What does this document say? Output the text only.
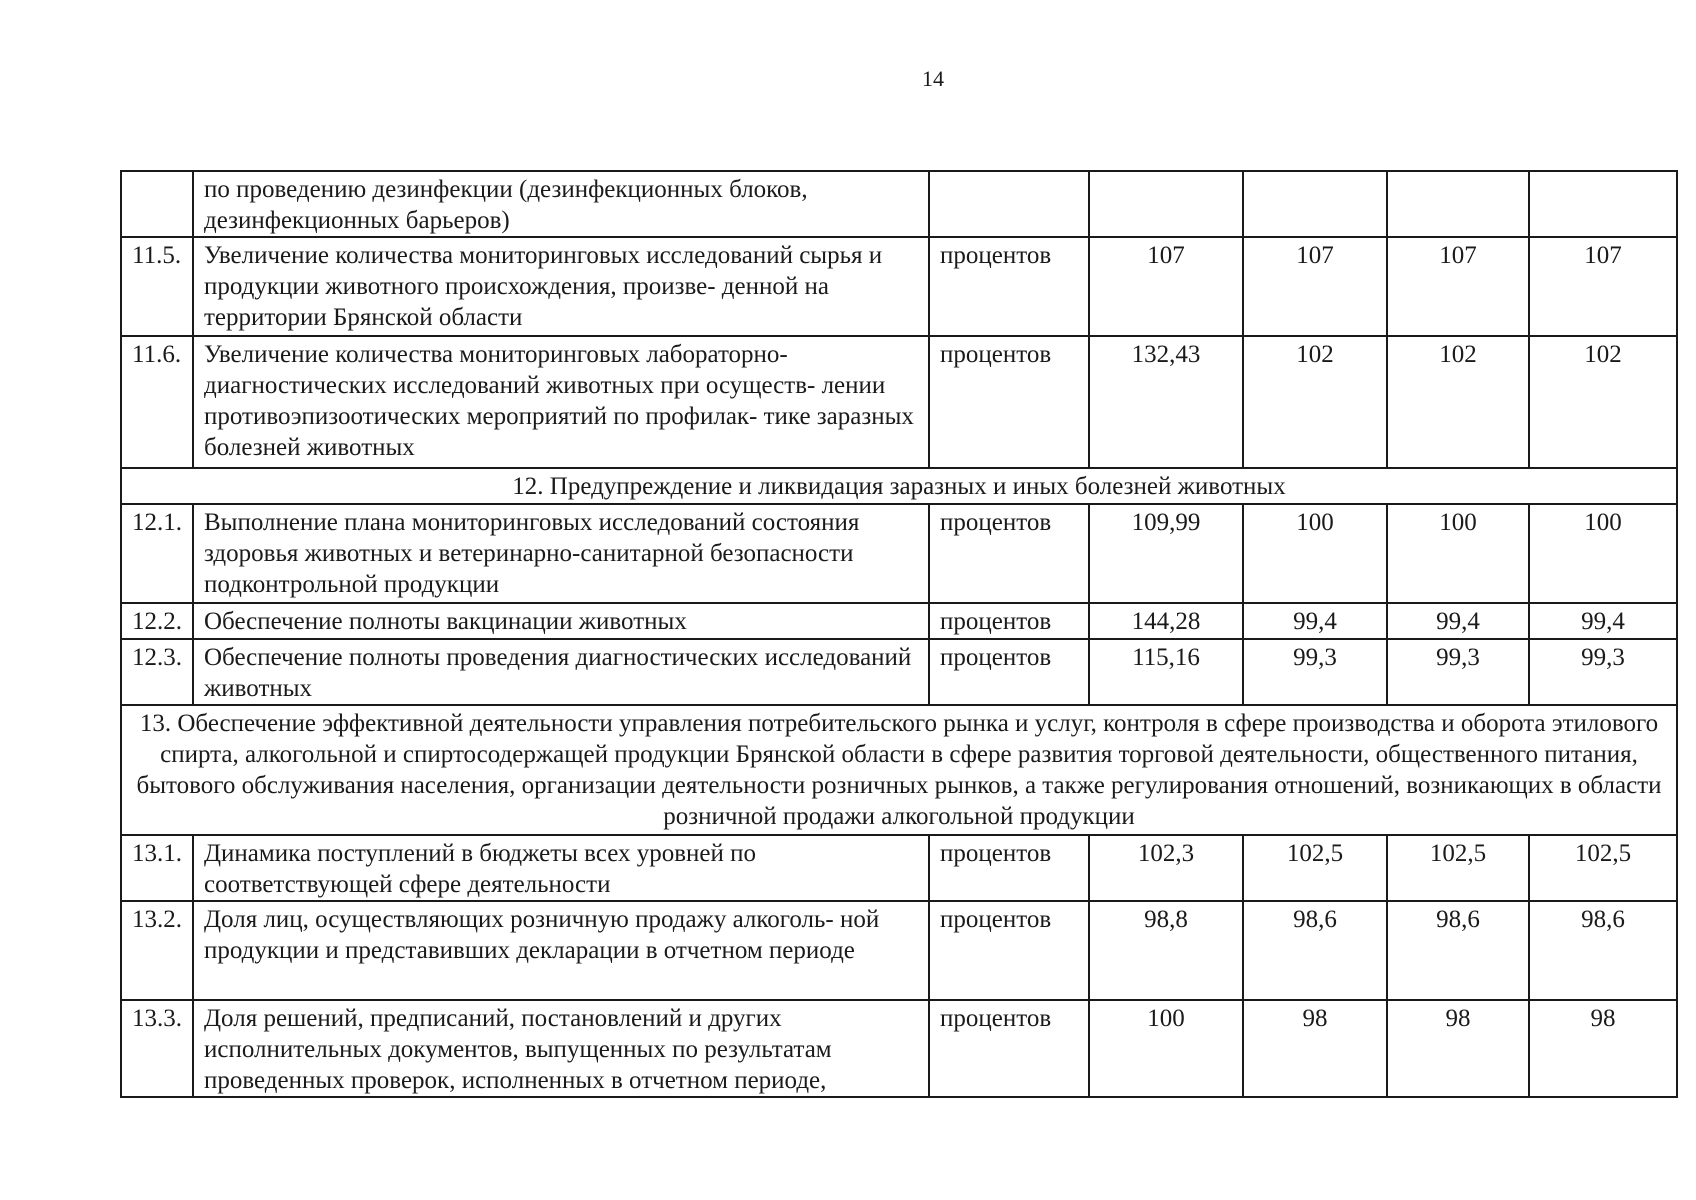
14
	по проведению дезинфекции (дезинфекционных блоков, дезинфекционных барьеров)					
11.5.	Увеличение количества мониторинговых исследований сырья и продукции животного происхождения, произве- денной на территории Брянской области	процентов	107	107	107	107
11.6.	Увеличение количества мониторинговых лабораторно- диагностических исследований животных при осуществ- лении противоэпизоотических мероприятий по профилак- тике заразных болезней животных	процентов	132,43	102	102	102
12. Предупреждение и ликвидация заразных и иных болезней животных						
12.1.	Выполнение плана мониторинговых исследований состояния здоровья животных и ветеринарно-санитарной безопасности подконтрольной продукции	процентов	109,99	100	100	100
12.2.	Обеспечение полноты вакцинации животных	процентов	144,28	99,4	99,4	99,4
12.3.	Обеспечение полноты проведения диагностических исследований животных	процентов	115,16	99,3	99,3	99,3
13. Обеспечение эффективной деятельности управления потребительского рынка и услуг, контроля в сфере производства и оборота этилового спирта, алкогольной и спиртосодержащей продукции Брянской области в сфере развития торговой деятельности, общественного питания, бытового обслуживания населения, организации деятельности розничных рынков, а также регулирования отношений, возникающих в области розничной продажи алкогольной продукции						
13.1.	Динамика поступлений в бюджеты всех уровней по соответствующей сфере деятельности	процентов	102,3	102,5	102,5	102,5
13.2.	Доля лиц, осуществляющих розничную продажу алкоголь- ной продукции и представивших декларации в отчетном периоде	процентов	98,8	98,6	98,6	98,6
13.3.	Доля решений, предписаний, постановлений и других исполнительных документов, выпущенных по результатам проведенных проверок, исполненных в отчетном периоде,	процентов	100	98	98	98
